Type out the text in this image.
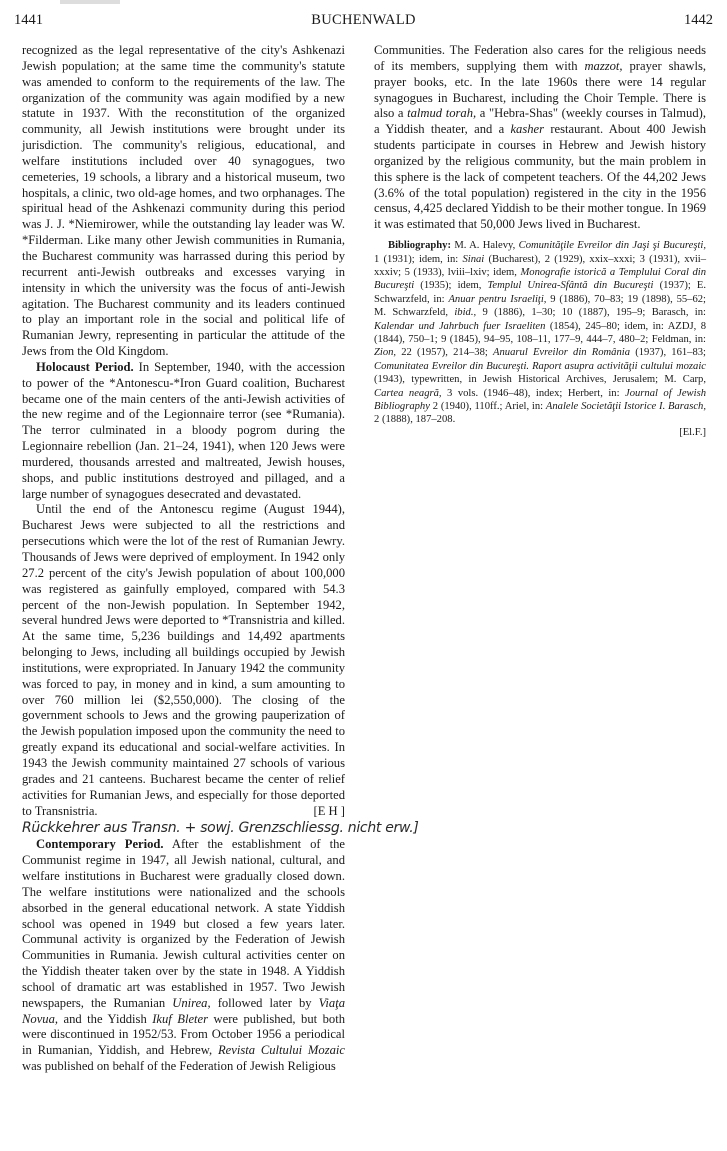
1441	BUCHENWALD	1442

recognized as the legal representative of the city's Ashkenazi Jewish population; at the same time the community's statute was amended to conform to the requirements of the law. The organization of the community was again modified by a new statute in 1937. With the reconstitution of the organized community, all Jewish institutions were brought under its jurisdiction. The community's religious, educational, and welfare institutions included over 40 synagogues, two cemeteries, 19 schools, a library and a historical museum, two hospitals, a clinic, two old-age homes, and two orphanages. The spiritual head of the Ashkenazi community during this period was J. J. *Niemirower, while the outstanding lay leader was W. *Filderman. Like many other Jewish communities in Rumania, the Bucharest community was harrassed during this period by recurrent anti-Jewish outbreaks and excesses varying in intensity in which the university was the focus of anti-Jewish agitation. The Bucharest community and its leaders continued to play an important role in the social and political life of Rumanian Jewry, representing in particular the attitude of the Jews from the Old Kingdom.

Holocaust Period. In September, 1940, with the accession to power of the *Antonescu-*Iron Guard coalition, Bucharest became one of the main centers of the anti-Jewish activities of the new regime and of the Legionnaire terror (see *Rumania). The terror culminated in a bloody pogrom during the Legionnaire rebellion (Jan. 21–24, 1941), when 120 Jews were murdered, thousands arrested and maltreated, Jewish houses, shops, and public institutions destroyed and pillaged, and a large number of synagogues desecrated and devastated.

Until the end of the Antonescu regime (August 1944), Bucharest Jews were subjected to all the restrictions and persecutions which were the lot of the rest of Rumanian Jewry. Thousands of Jews were deprived of employment. In 1942 only 27.2 percent of the city's Jewish population of about 100,000 was registered as gainfully employed, compared with 54.3 percent of the non-Jewish population. In September 1942, several hundred Jews were deported to *Transnistria and killed. At the same time, 5,236 buildings and 14,492 apartments belonging to Jews, including all buildings occupied by Jewish institutions, were expropriated. In January 1942 the community was forced to pay, in money and in kind, a sum amounting to over 760 million lei ($2,550,000). The closing of the government schools to Jews and the growing pauperization of the Jewish population imposed upon the community the need to greatly expand its educational and social-welfare activities. In 1943 the Jewish community maintained 27 schools of various grades and 21 canteens. Bucharest became the center of relief activities for Rumanian Jews, and especially for those deported to Transnistria.	[E H ]

Rückkehrer aus Transn. + sowj. Grenzschliessg. nicht erw.]

Contemporary Period. After the establishment of the Communist regime in 1947, all Jewish national, cultural, and welfare institutions in Bucharest were gradually closed down. The welfare institutions were nationalized and the schools absorbed in the general educational network. A state Yiddish school was opened in 1949 but closed a few years later. Communal activity is organized by the Federation of Jewish Communities in Rumania. Jewish cultural activities center on the Yiddish theater taken over by the state in 1948. A Yiddish school of dramatic art was established in 1957. Two Jewish newspapers, the Rumanian Unirea, followed later by Viaţa Novua, and the Yiddish Ikuf Bleter were published, but both were discontinued in 1952/53. From October 1956 a periodical in Rumanian, Yiddish, and Hebrew, Revista Cultului Mozaic was published on behalf of the Federation of Jewish Religious

Communities. The Federation also cares for the religious needs of its members, supplying them with mazzot, prayer shawls, prayer books, etc. In the late 1960s there were 14 regular synagogues in Bucharest, including the Choir Temple. There is also a talmud torah, a "Hebra-Shas" (weekly courses in Talmud), a Yiddish theater, and a kasher restaurant. About 400 Jewish students participate in courses in Hebrew and Jewish history organized by the religious community, but the main problem in this sphere is the lack of competent teachers. Of the 44,202 Jews (3.6% of the total population) registered in the city in the 1956 census, 4,425 declared Yiddish to be their mother tongue. In 1969 it was estimated that 50,000 Jews lived in Bucharest.

Bibliography: M. A. Halevy, Comunităţile Evreilor din Jaşi şi Bucureşti, 1 (1931); idem, in: Sinai (Bucharest), 2 (1929), xxix–xxxi; 3 (1931), xvii–xxxiv; 5 (1933), lviii–lxiv; idem, Monografie istorică a Templului Coral din Bucureşti (1935); idem, Templul Unirea-Sfântă din Bucureşti (1937); E. Schwarzfeld, in: Anuar pentru Israeliţi, 9 (1886), 70–83; 19 (1898), 55–62; M. Schwarzfeld, ibid., 9 (1886), 1–30; 10 (1887), 195–9; Barasch, in: Kalendar und Jahrbuch fuer Israeliten (1854), 245–80; idem, in: AZDJ, 8 (1844), 750–1; 9 (1845), 94–95, 108–11, 177–9, 444–7, 480–2; Feldman, in: Zion, 22 (1957), 214–38; Anuarul Evreilor din România (1937), 161–83; Comunitatea Evreilor din Bucureşti. Raport asupra activităţii cultului mozaic (1943), typewritten, in Jewish Historical Archives, Jerusalem; M. Carp, Cartea neagră, 3 vols. (1946–48), index; Herbert, in: Journal of Jewish Bibliography 2 (1940), 110ff.; Ariel, in: Analele Societăţii Istorice I. Barasch, 2 (1888), 187–208.

[El.F.]
